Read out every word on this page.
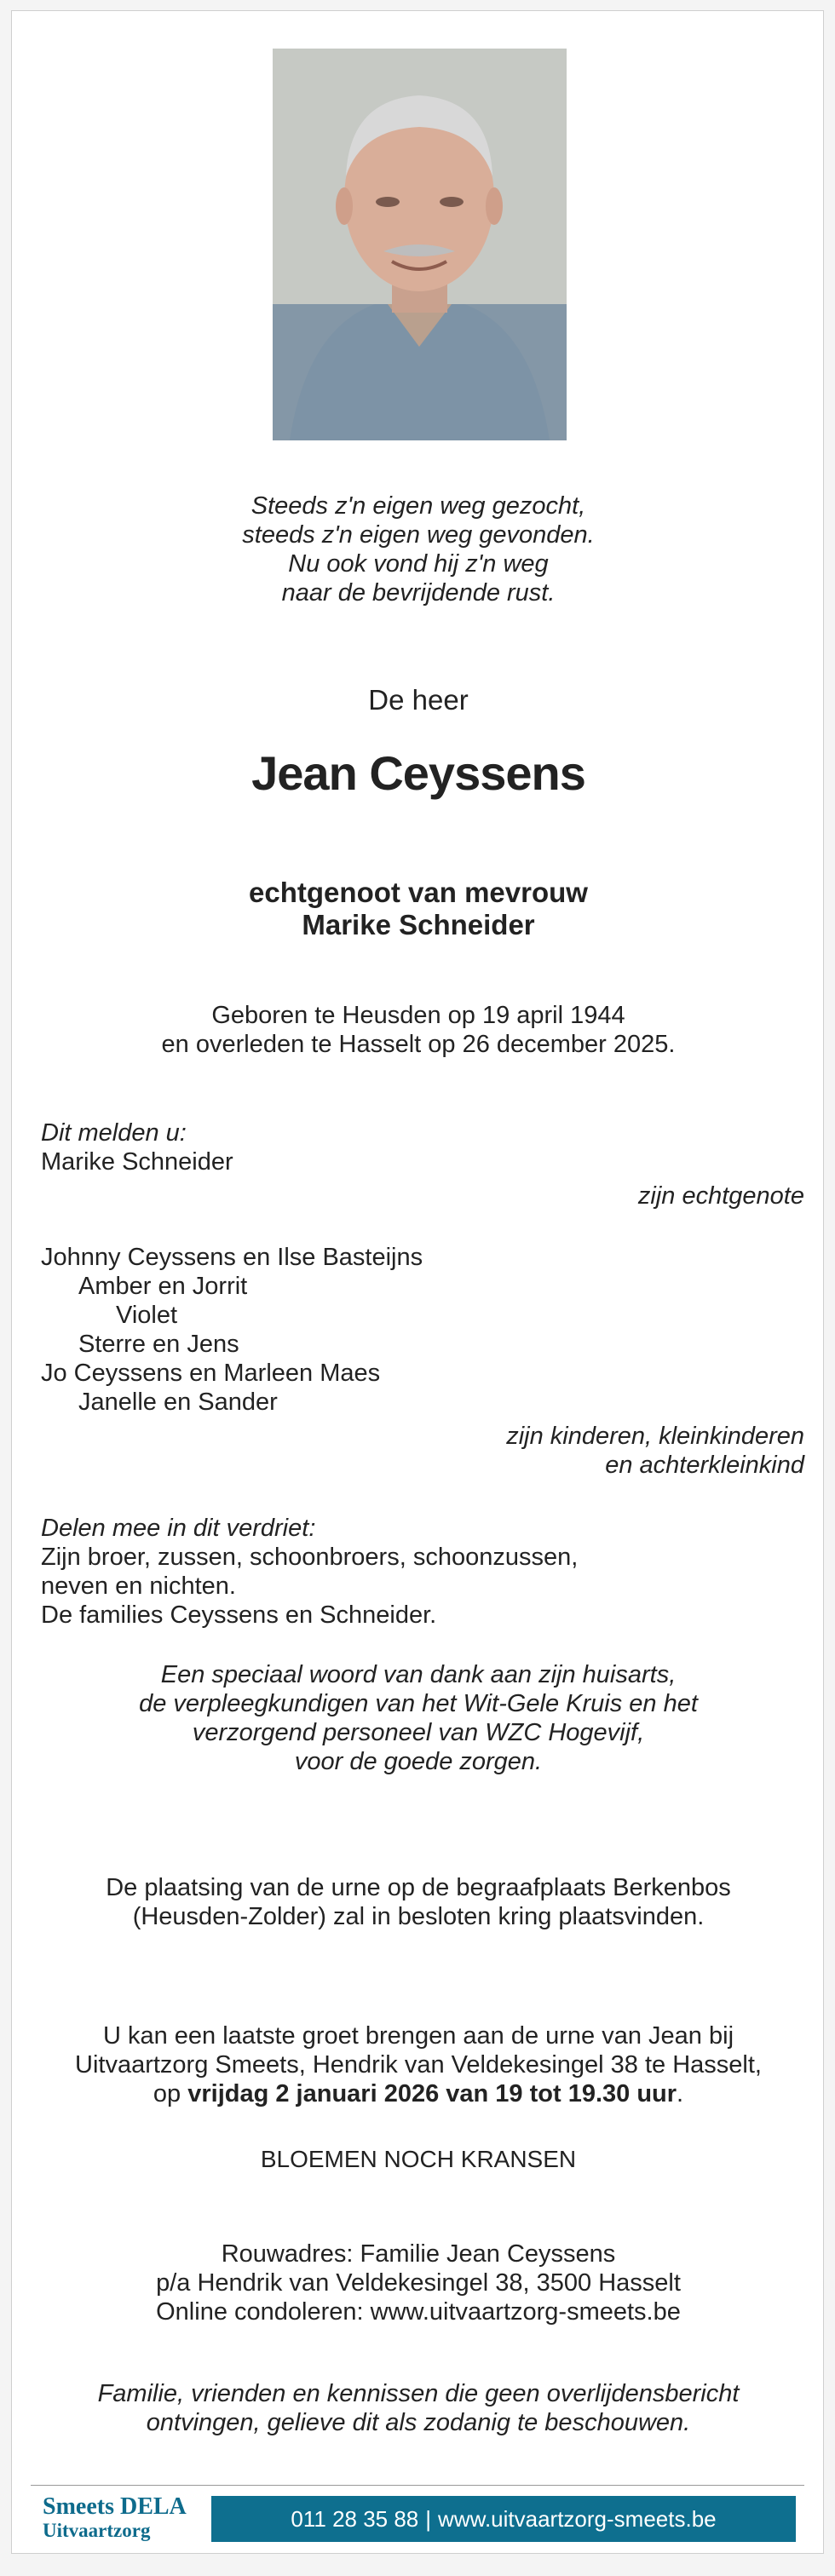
Steeds z'n eigen weg gezocht,
steeds z'n eigen weg gevonden.
Nu ook vond hij z'n weg
naar de bevrijdende rust.
De heer
Jean Ceyssens
echtgenoot van mevrouw
Marike Schneider
Geboren te Heusden op 19 april 1944
en overleden te Hasselt op 26 december 2025.
Dit melden u:
Marike Schneider
zijn echtgenote
Johnny Ceyssens en Ilse Basteijns
Amber en Jorrit
Violet
Sterre en Jens
Jo Ceyssens en Marleen Maes
Janelle en Sander
zijn kinderen, kleinkinderen
en achterkleinkind
Delen mee in dit verdriet:
Zijn broer, zussen, schoonbroers, schoonzussen,
neven en nichten.
De families Ceyssens en Schneider.
Een speciaal woord van dank aan zijn huisarts,
de verpleegkundigen van het Wit-Gele Kruis en het
verzorgend personeel van WZC Hogevijf,
voor de goede zorgen.
De plaatsing van de urne op de begraafplaats Berkenbos
(Heusden-Zolder) zal in besloten kring plaatsvinden.
U kan een laatste groet brengen aan de urne van Jean bij
Uitvaartzorg Smeets, Hendrik van Veldekesingel 38 te Hasselt,
op vrijdag 2 januari 2026 van 19 tot 19.30 uur.
BLOEMEN NOCH KRANSEN
Rouwadres: Familie Jean Ceyssens
p/a Hendrik van Veldekesingel 38, 3500 Hasselt
Online condoleren: www.uitvaartzorg-smeets.be
Familie, vrienden en kennissen die geen overlijdensbericht
ontvingen, gelieve dit als zodanig te beschouwen.
Smeets DELA
Uitvaartzorg	011 28 35 88 | www.uitvaartzorg-smeets.be
